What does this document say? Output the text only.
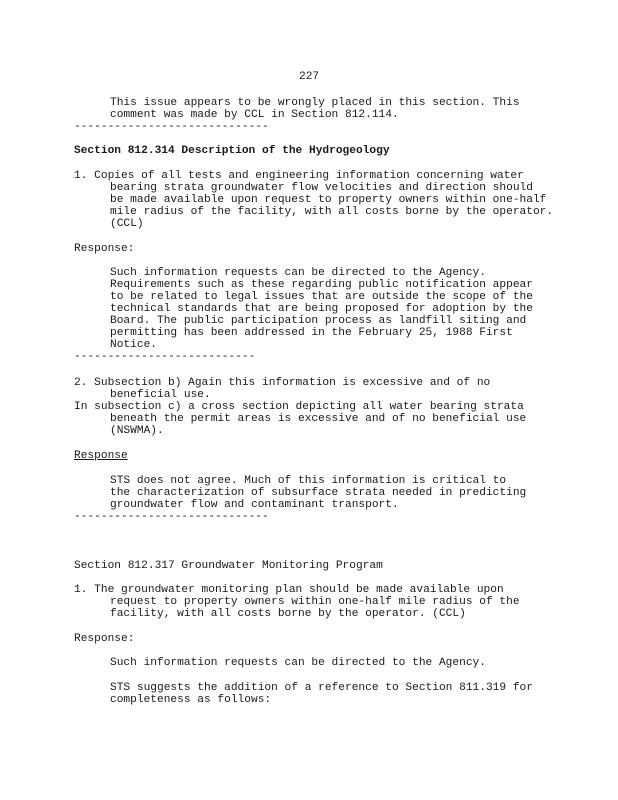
227
This issue appears to be wrongly placed in this section. This
comment was made by CCL in Section 812.114.
-----------------------------
Section 812.314 Description of the Hydrogeology
1. Copies of all tests and engineering information concerning water
bearing strata groundwater flow velocities and direction should
be made available upon request to property owners within one-half
mile radius of the facility, with all costs borne by the operator.
(CCL)
Response:
Such information requests can be directed to the Agency.
Requirements such as these regarding public notification appear
to be related to legal issues that are outside the scope of the
technical standards that are being proposed for adoption by the
Board. The public participation process as landfill siting and
permitting has been addressed in the February 25, 1988 First
Notice.
---------------------------
2. Subsection b) Again this information is excessive and of no
beneficial use.
In subsection c) a cross section depicting all water bearing strata
beneath the permit areas is excessive and of no beneficial use
(NSWMA).
Response
STS does not agree. Much of this information is critical to
the characterization of subsurface strata needed in predicting
groundwater flow and contaminant transport.
-----------------------------
Section 812.317 Groundwater Monitoring Program
1. The groundwater monitoring plan should be made available upon
request to property owners within one-half mile radius of the
facility, with all costs borne by the operator. (CCL)
Response:
Such information requests can be directed to the Agency.
STS suggests the addition of a reference to Section 811.319 for
completeness as follows:
